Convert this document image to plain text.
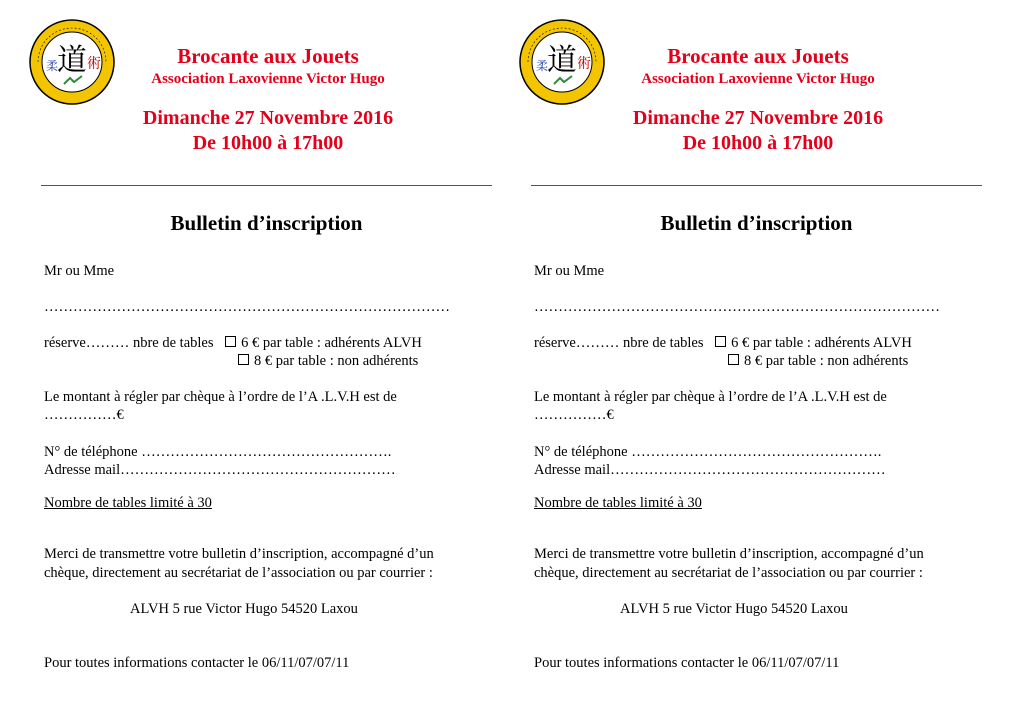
道 術
柔	Brocante aux Jouets
Association Laxovienne Victor Hugo
Dimanche 27 Novembre 2016
De 10h00 à 17h00
Bulletin d’inscription
Mr ou Mme
…………………………………………………………………………
réserve……… nbre de tables 6 € par table : adhérents ALVH
8 € par table : non adhérents
Le montant à régler par chèque à l’ordre de l’A .L.V.H est de
……………€
N° de téléphone …………………………………………….
Adresse mail…………………………………………………
Nombre de tables limité à 30
Merci de transmettre votre bulletin d’inscription, accompagné d’un
chèque, directement au secrétariat de l’association ou par courrier :
ALVH 5 rue Victor Hugo 54520 Laxou
Pour toutes informations contacter le 06/11/07/07/11
道 術
柔	Brocante aux Jouets
Association Laxovienne Victor Hugo
Dimanche 27 Novembre 2016
De 10h00 à 17h00
Bulletin d’inscription
Mr ou Mme
…………………………………………………………………………
réserve……… nbre de tables 6 € par table : adhérents ALVH
8 € par table : non adhérents
Le montant à régler par chèque à l’ordre de l’A .L.V.H est de
……………€
N° de téléphone …………………………………………….
Adresse mail…………………………………………………
Nombre de tables limité à 30
Merci de transmettre votre bulletin d’inscription, accompagné d’un
chèque, directement au secrétariat de l’association ou par courrier :
ALVH 5 rue Victor Hugo 54520 Laxou
Pour toutes informations contacter le 06/11/07/07/11
